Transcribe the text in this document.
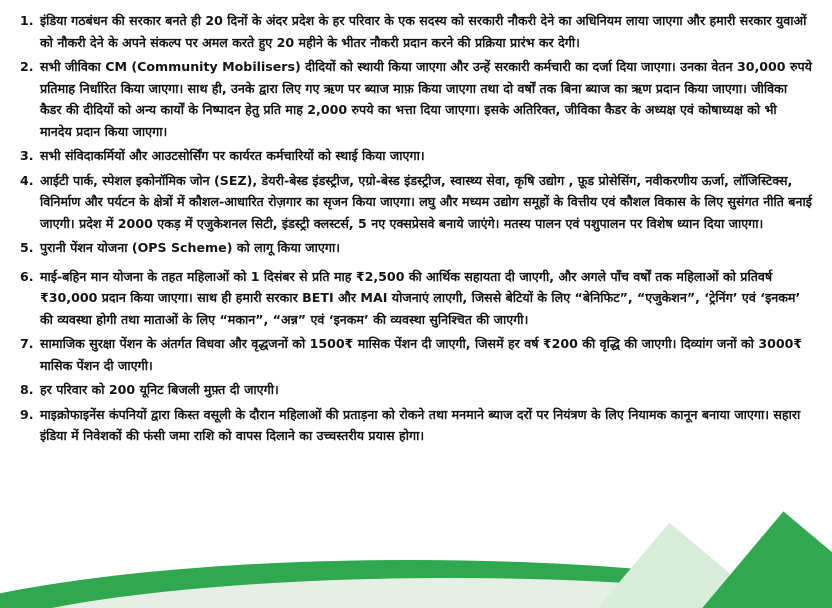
1. इंडिया गठबंधन की सरकार बनते ही 20 दिनों के अंदर प्रदेश के हर परिवार के एक सदस्य को सरकारी नौकरी देने का अधिनियम लाया जाएगा और हमारी सरकार युवाओं को नौकरी देने के अपने संकल्प पर अमल करते हुए 20 महीने के भीतर नौकरी प्रदान करने की प्रक्रिया प्रारंभ कर देगी।
2. सभी जीविका CM (Community Mobilisers) दीदियों को स्थायी किया जाएगा और उन्हें सरकारी कर्मचारी का दर्जा दिया जाएगा। उनका वेतन 30,000 रुपये प्रतिमाह निर्धारित किया जाएगा। साथ ही, उनके द्वारा लिए गए ऋण पर ब्याज माफ़ किया जाएगा तथा दो वर्षों तक बिना ब्याज का ऋण प्रदान किया जाएगा। जीविका कैडर की दीदियों को अन्य कार्यों के निष्पादन हेतु प्रति माह 2,000 रुपये का भत्ता दिया जाएगा। इसके अतिरिक्त, जीविका कैडर के अध्यक्ष एवं कोषाध्यक्ष को भी मानदेय प्रदान किया जाएगा।
3. सभी संविदाकर्मियों और आउटसोर्सिंग पर कार्यरत कर्मचारियों को स्थाई किया जाएगा।
4. आईटी पार्क, स्पेशल इकोनॉमिक जोन (SEZ), डेयरी-बेस्ड इंडस्ट्रीज, एग्रो-बेस्ड इंडस्ट्रीज, स्वास्थ्य सेवा, कृषि उद्योग , फ़ूड प्रोसेसिंग, नवीकरणीय ऊर्जा, लॉजिस्टिक्स, विनिर्माण और पर्यटन के क्षेत्रों में कौशल-आधारित रोज़गार का सृजन किया जाएगा। लघु और मध्यम उद्योग समूहों के वित्तीय एवं कौशल विकास के लिए सुसंगत नीति बनाई जाएगी। प्रदेश में 2000 एकड़ में एजुकेशनल सिटी, इंडस्ट्री क्लस्टर्स, 5 नए एक्सप्रेसवे बनाये जाएंगे। मतस्य पालन एवं पशुपालन पर विशेष ध्यान दिया जाएगा।
5. पुरानी पेंशन योजना (OPS Scheme) को लागू किया जाएगा।
6. माई-बहिन मान योजना के तहत महिलाओं को 1 दिसंबर से प्रति माह ₹2,500 की आर्थिक सहायता दी जाएगी, और अगले पाँच वर्षों तक महिलाओं को प्रतिवर्ष ₹30,000 प्रदान किया जाएगा। साथ ही हमारी सरकार BETI और MAI योजनाएं लाएगी, जिससे बेटियों के लिए “बेनिफिट”, “एजुकेशन”, ‘ट्रेनिंग’ एवं ‘इनकम’ की व्यवस्था होगी तथा माताओं के लिए “मकान”, “अन्न” एवं ‘इनकम’ की व्यवस्था सुनिश्चित की जाएगी।
7. सामाजिक सुरक्षा पेंशन के अंतर्गत विधवा और वृद्धजनों को 1500₹ मासिक पेंशन दी जाएगी, जिसमें हर वर्ष ₹200 की वृद्धि की जाएगी। दिव्यांग जनों को 3000₹ मासिक पेंशन दी जाएगी।
8. हर परिवार को 200 यूनिट बिजली मुफ़्त दी जाएगी।
9. माइक्रोफाइनेंस कंपनियों द्वारा किस्त वसूली के दौरान महिलाओं की प्रताड़ना को रोकने तथा मनमाने ब्याज दरों पर नियंत्रण के लिए नियामक कानून बनाया जाएगा। सहारा इंडिया में निवेशकों की फंसी जमा राशि को वापस दिलाने का उच्चस्तरीय प्रयास होगा।
